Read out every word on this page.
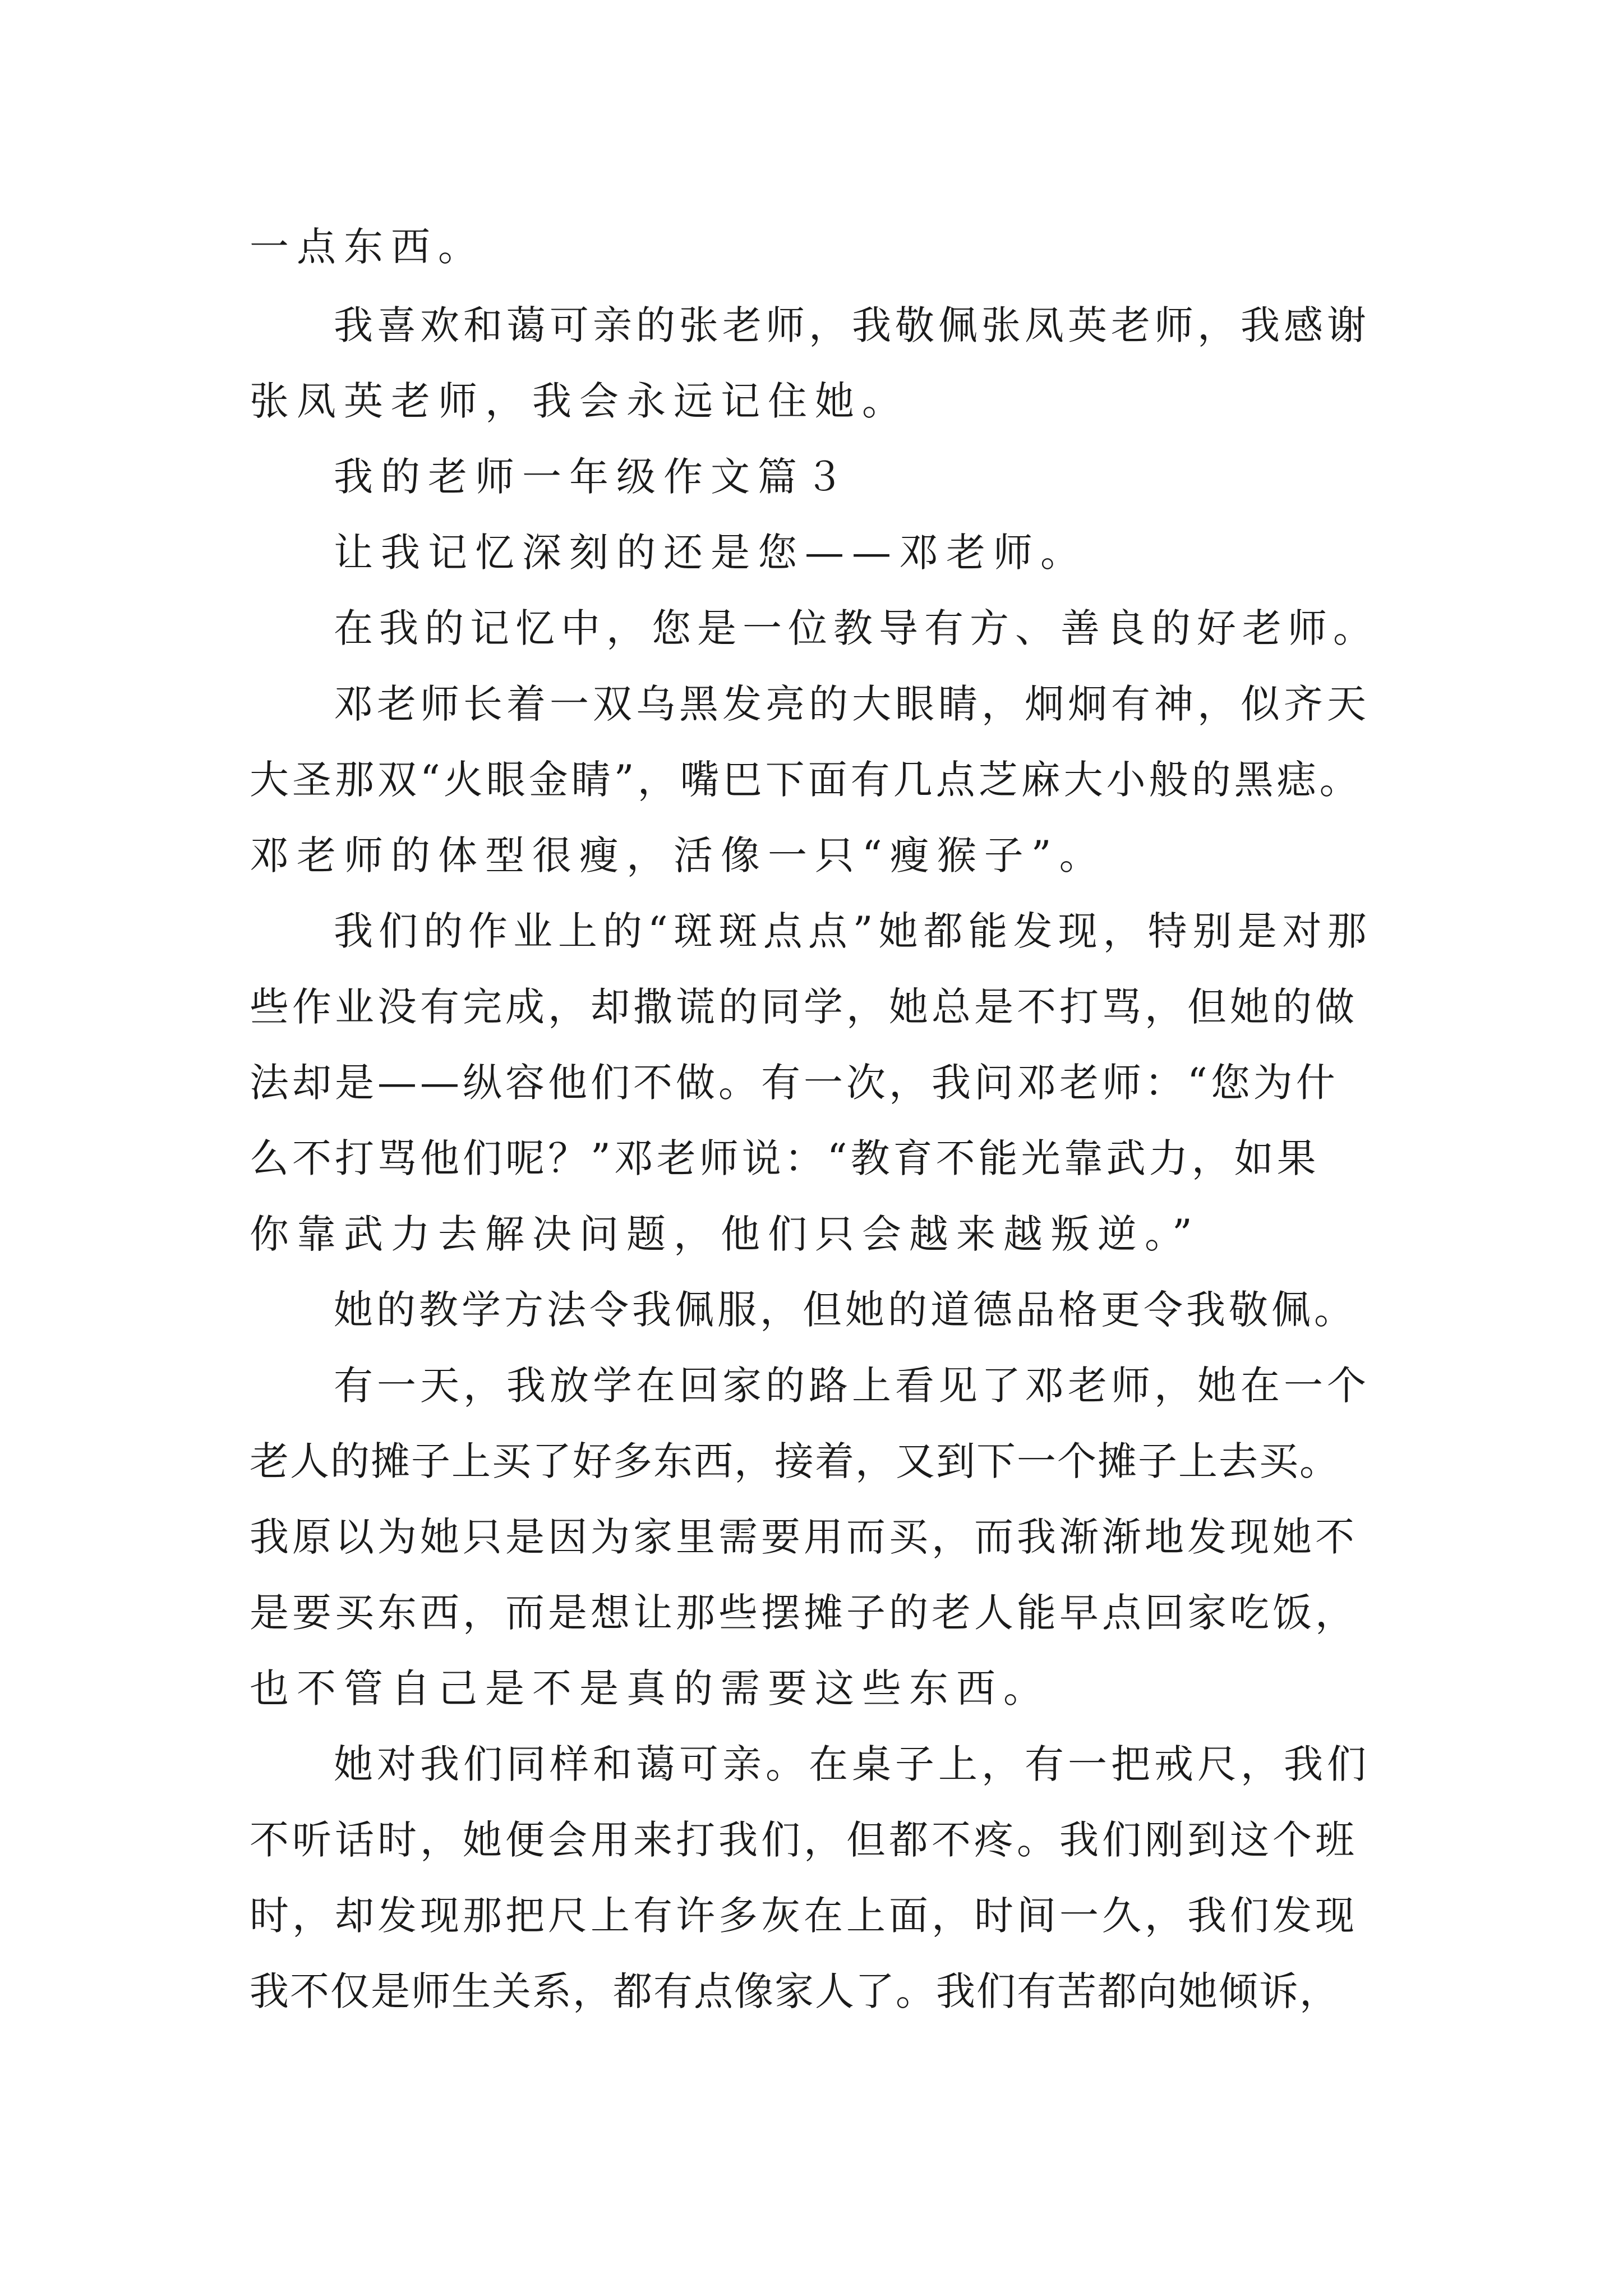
一点东西。
我喜欢和蔼可亲的张老师，我敬佩张凤英老师，我感谢
张凤英老师，我会永远记住她。
我的老师一年级作文篇３
让我记忆深刻的还是您——邓老师。
在我的记忆中，您是一位教导有方、善良的好老师。
邓老师长着一双乌黑发亮的大眼睛，炯炯有神，似齐天
大圣那双“火眼金睛”，嘴巴下面有几点芝麻大小般的黑痣。
邓老师的体型很瘦，活像一只“瘦猴子”。
我们的作业上的“斑斑点点”她都能发现，特别是对那
些作业没有完成，却撒谎的同学，她总是不打骂，但她的做
法却是——纵容他们不做。有一次，我问邓老师：“您为什
么不打骂他们呢？”邓老师说：“教育不能光靠武力，如果
你靠武力去解决问题，他们只会越来越叛逆。”
她的教学方法令我佩服，但她的道德品格更令我敬佩。
有一天，我放学在回家的路上看见了邓老师，她在一个
老人的摊子上买了好多东西，接着，又到下一个摊子上去买。
我原以为她只是因为家里需要用而买，而我渐渐地发现她不
是要买东西，而是想让那些摆摊子的老人能早点回家吃饭，
也不管自己是不是真的需要这些东西。
她对我们同样和蔼可亲。在桌子上，有一把戒尺，我们
不听话时，她便会用来打我们，但都不疼。我们刚到这个班
时，却发现那把尺上有许多灰在上面，时间一久，我们发现
我不仅是师生关系，都有点像家人了。我们有苦都向她倾诉，
